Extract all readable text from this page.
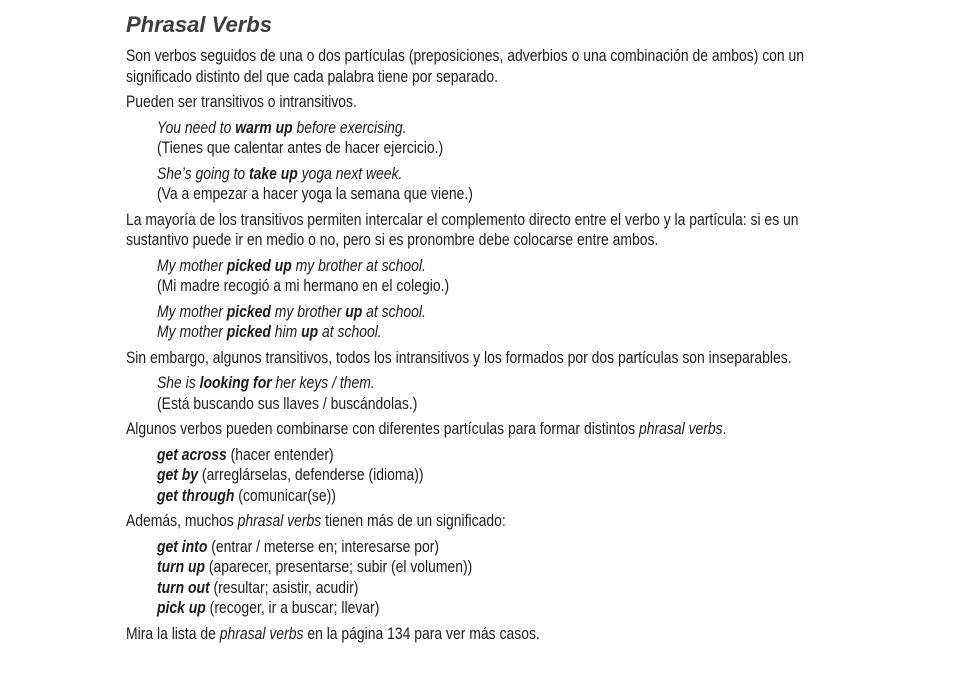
Phrasal Verbs
Son verbos seguidos de una o dos partículas (preposiciones, adverbios o una combinación de ambos) con un
significado distinto del que cada palabra tiene por separado.
Pueden ser transitivos o intransitivos.
You need to warm up before exercising.
(Tienes que calentar antes de hacer ejercicio.)
She’s going to take up yoga next week.
(Va a empezar a hacer yoga la semana que viene.)
La mayoría de los transitivos permiten intercalar el complemento directo entre el verbo y la partícula: si es un
sustantivo puede ir en medio o no, pero si es pronombre debe colocarse entre ambos.
My mother picked up my brother at school.
(Mi madre recogió a mi hermano en el colegio.)
My mother picked my brother up at school.
My mother picked him up at school.
Sin embargo, algunos transitivos, todos los intransitivos y los formados por dos partículas son inseparables.
She is looking for her keys / them.
(Está buscando sus llaves / buscándolas.)
Algunos verbos pueden combinarse con diferentes partículas para formar distintos phrasal verbs.
get across (hacer entender)
get by (arreglárselas, defenderse (idioma))
get through (comunicar(se))
Además, muchos phrasal verbs tienen más de un significado:
get into (entrar / meterse en; interesarse por)
turn up (aparecer, presentarse; subir (el volumen))
turn out (resultar; asistir, acudir)
pick up (recoger, ir a buscar; llevar)
Mira la lista de phrasal verbs en la página 134 para ver más casos.
